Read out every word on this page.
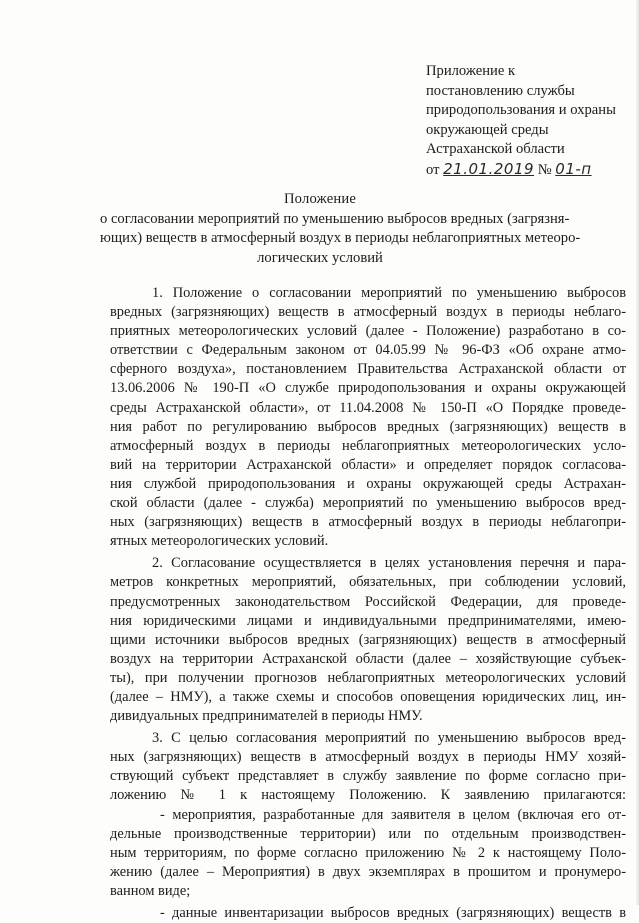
Приложение к
постановлению службы
природопользования и охраны
окружающей среды
Астраханской области
от 21.01.2019 № 01-п
Положение
о согласовании мероприятий по уменьшению выбросов вредных (загрязня-
ющих) веществ в атмосферный воздух в периоды неблагоприятных метеоро-
логических условий
1. Положение о согласовании мероприятий по уменьшению выбросов
вредных (загрязняющих) веществ в атмосферный воздух в периоды неблаго-
приятных метеорологических условий (далее - Положение) разработано в со-
ответствии с Федеральным законом от 04.05.99 № 96-ФЗ «Об охране атмо-
сферного воздуха», постановлением Правительства Астраханской области от
13.06.2006 № 190-П «О службе природопользования и охраны окружающей
среды Астраханской области», от 11.04.2008 № 150-П «О Порядке проведе-
ния работ по регулированию выбросов вредных (загрязняющих) веществ в
атмосферный воздух в периоды неблагоприятных метеорологических усло-
вий на территории Астраханской области» и определяет порядок согласова-
ния службой природопользования и охраны окружающей среды Астрахан-
ской области (далее - служба) мероприятий по уменьшению выбросов вред-
ных (загрязняющих) веществ в атмосферный воздух в периоды неблагопри-
ятных метеорологических условий.
2. Согласование осуществляется в целях установления перечня и пара-
метров конкретных мероприятий, обязательных, при соблюдении условий,
предусмотренных законодательством Российской Федерации, для проведе-
ния юридическими лицами и индивидуальными предпринимателями, имею-
щими источники выбросов вредных (загрязняющих) веществ в атмосферный
воздух на территории Астраханской области (далее – хозяйствующие субъек-
ты), при получении прогнозов неблагоприятных метеорологических условий
(далее – НМУ), а также схемы и способов оповещения юридических лиц, ин-
дивидуальных предпринимателей в периоды НМУ.
3. С целью согласования мероприятий по уменьшению выбросов вред-
ных (загрязняющих) веществ в атмосферный воздух в периоды НМУ хозяй-
ствующий субъект представляет в службу заявление по форме согласно при-
ложению № 1 к настоящему Положению. К заявлению прилагаются:
- мероприятия, разработанные для заявителя в целом (включая его от-
дельные производственные территории) или по отдельным производствен-
ным территориям, по форме согласно приложению № 2 к настоящему Поло-
жению (далее – Мероприятия) в двух экземплярах в прошитом и пронумеро-
ванном виде;
- данные инвентаризации выбросов вредных (загрязняющих) веществ в
